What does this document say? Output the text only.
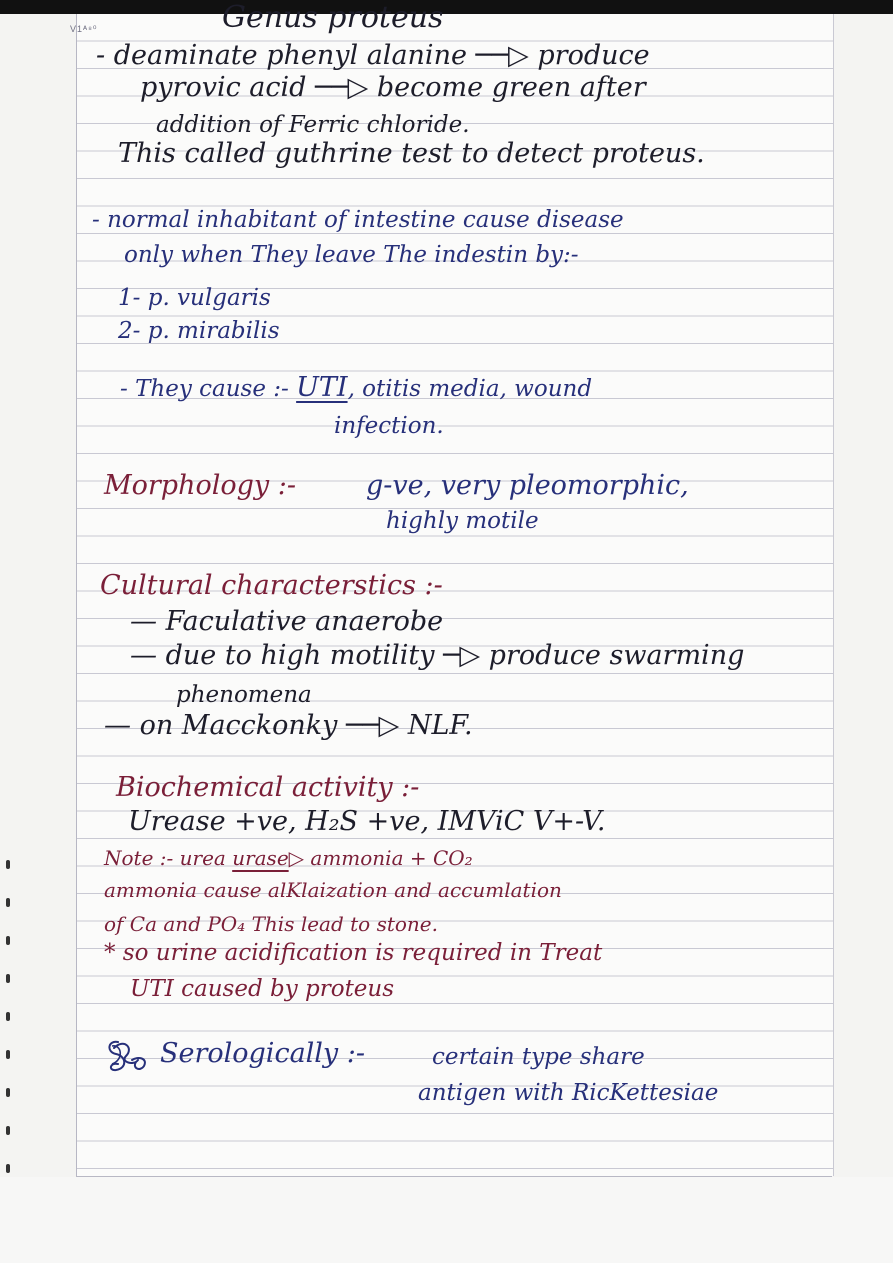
V1ᴬ⁸⁰	Genus proteus

- deaminate phenyl alanine ──▷ produce

pyrovic acid ──▷ become green after

addition of Ferric chloride.

This called guthrine test to detect proteus.

- normal inhabitant of intestine cause disease

only when They leave The indestin by:-

1- p. vulgaris

2- p. mirabilis

- They cause :- UTI, otitis media, wound

infection.

Morphology :-	g-ve, very pleomorphic,

highly motile

Cultural characterstics :-

— Faculative anaerobe

— due to high motility ─▷ produce swarming

phenomena

— on Macckonky ──▷ NLF.

Biochemical activity :-

Urease +ve, H₂S +ve, IMViC V+-V.

Note :- urea urase▷ ammonia + CO₂

ammonia cause alKlaization and accumlation

of Ca and PO₄ This lead to stone.

* so urine acidification is required in Treat

UTI caused by proteus

Serologically :-	certain type share

antigen with RicKettesiae
